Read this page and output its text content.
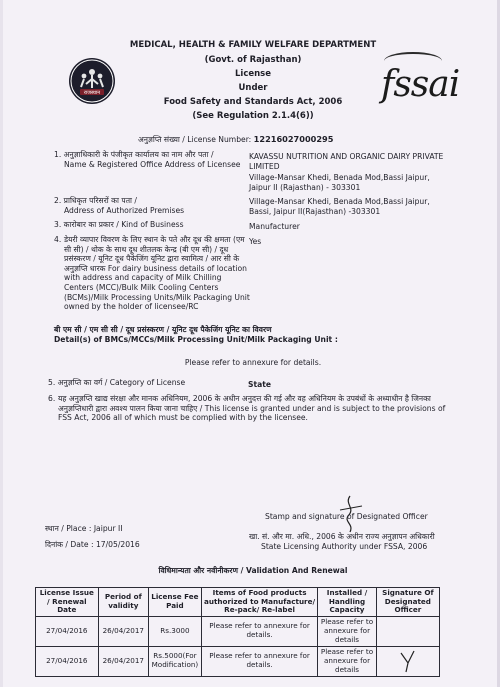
राजस्थान	fssai
MEDICAL, HEALTH & FAMILY WELFARE DEPARTMENT
(Govt. of Rajasthan)
License
Under
Food Safety and Standards Act, 2006
(See Regulation 2.1.4(6))
अनुज्ञप्ति संख्या / License Number: 12216027000295
1. अनुज्ञाधिकारी के पंजीकृत कार्यालय का नाम और पता /
Name & Registered Office Address of Licensee
KAVASSU NUTRITION AND ORGANIC DAIRY PRIVATE LIMITED
Village-Mansar Khedi, Benada Mod,Bassi Jaipur, Jaipur II (Rajasthan) - 303301
2. प्राधिकृत परिसरों का पता /
Address of Authorized Premises
Village-Mansar Khedi, Benada Mod,Bassi Jaipur, Bassi, Jaipur II(Rajasthan) -303301
3. कारोबार का प्रकार / Kind of Business	Manufacturer
4. डेयरी व्यापार विवरण के लिए स्थान के पते और दूध की क्षमता (एम सी सी) / थोक के साथ दूध शीतलक केन्द्र (बी एम सी) / दूध प्रसंस्करण / यूनिट दूध पैकेजिंग यूनिट द्वारा स्वामित्व / आर सी के अनुज्ञप्ति धारक For dairy business details of location with address and capacity of Milk Chilling Centers (MCC)/Bulk Milk Cooling Centers (BCMs)/Milk Processing Units/Milk Packaging Unit owned by the holder of licensee/RC
Yes
बी एम सी / एम सी सी / दूध प्रसंस्करण / यूनिट दूध पैकेजिंग यूनिट का विवरण
Detail(s) of BMCs/MCCs/Milk Processing Unit/Milk Packaging Unit :
Please refer to annexure for details.
5. अनुज्ञप्ति का वर्ग / Category of License	State
6. यह अनुज्ञप्ति खाद्य संरक्षा और मानक अधिनियम, 2006 के अधीन अनुदत्त की गई और वह अधिनियम के उपबंधों के अध्याधीन है जिनका अनुज्ञप्तिधारी द्वारा अवश्य पालन किया जाना चाहिए / This license is granted under and is subject to the provisions of FSS Act, 2006 all of which must be complied with by the licensee.
Stamp and signature of Designated Officer
खा. सं. और मा. अधि., 2006 के अधीन राज्य अनुज्ञापन अधिकारी
State Licensing Authority under FSSA, 2006
स्थान / Place : Jaipur II
दिनांक / Date : 17/05/2016
विधिमान्यता और नवीनीकरण / Validation And Renewal
License Issue / Renewal Date	Period of validity	License Fee Paid	Items of Food products authorized to Manufacture/ Re-pack/ Re-label	Installed / Handling Capacity	Signature Of Designated Officer
27/04/2016	26/04/2017	Rs.3000	Please refer to annexure for details.	Please refer to annexure for details	
27/04/2016	26/04/2017	Rs.5000(For Modification)	Please refer to annexure for details.	Please refer to annexure for details	
